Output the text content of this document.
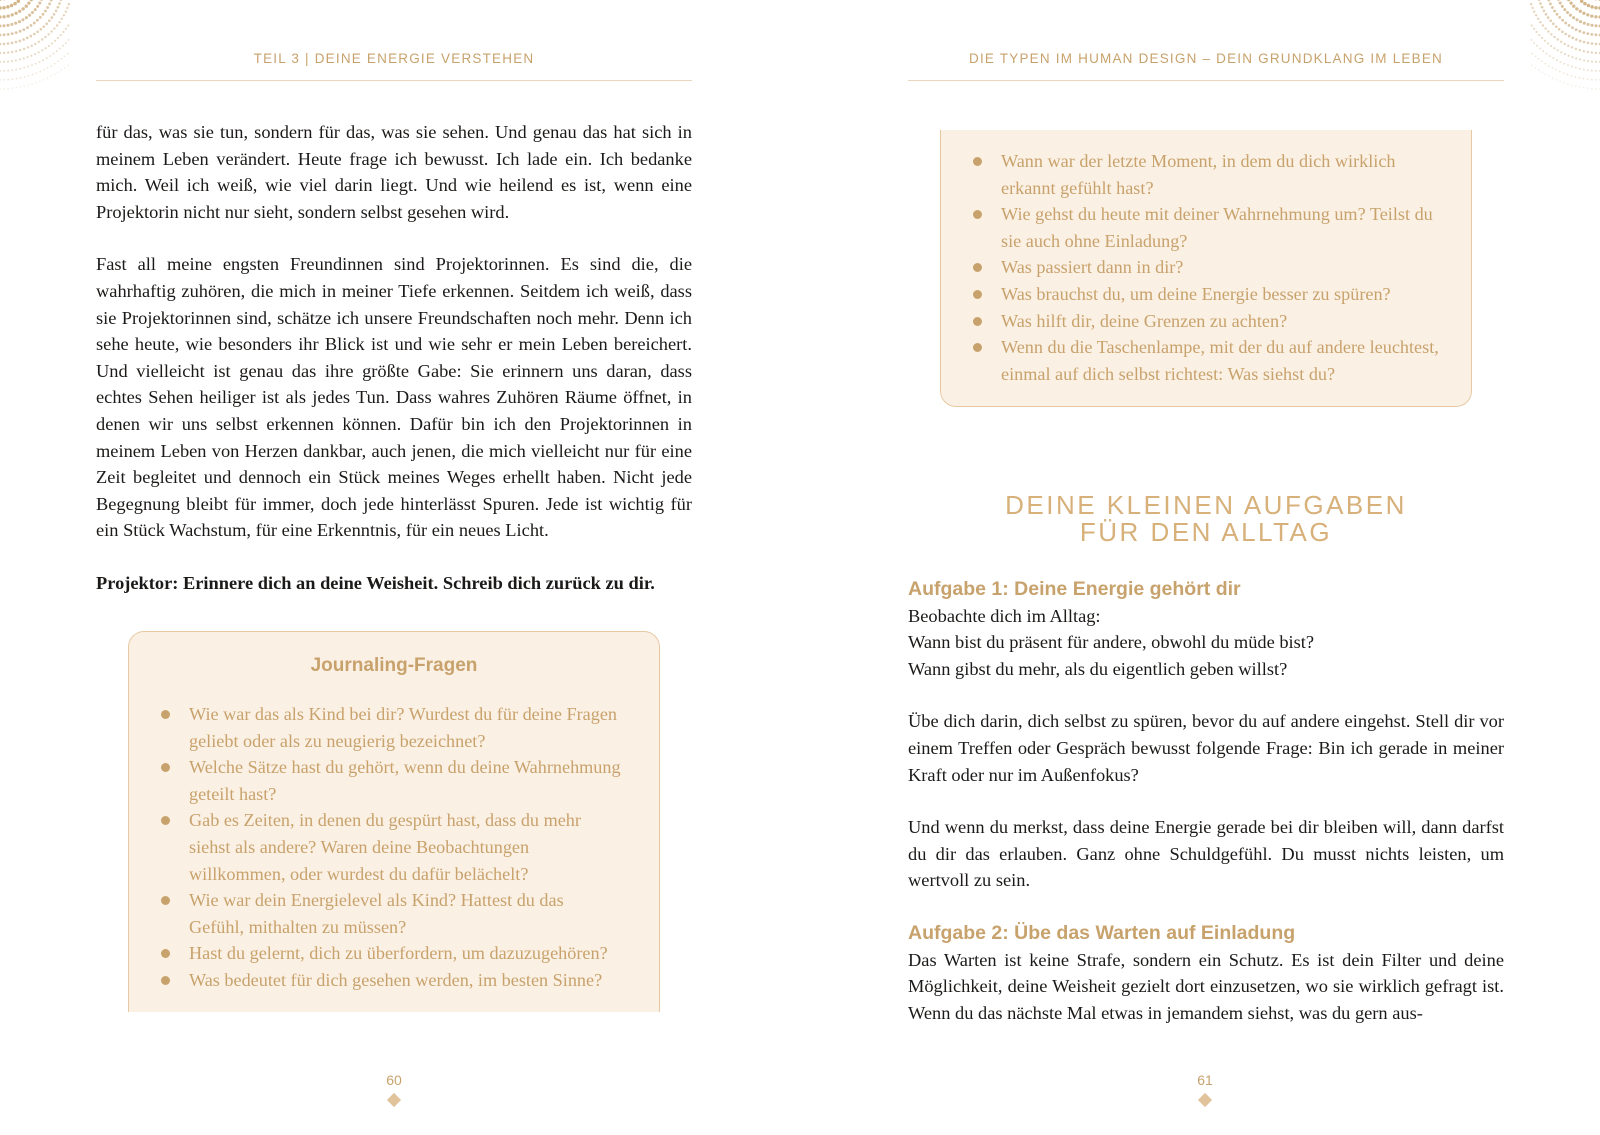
TEIL 3 | DEINE ENERGIE VERSTEHEN

für das, was sie tun, sondern für das, was sie sehen. Und genau das hat sich in meinem Leben verändert. Heute frage ich bewusst. Ich lade ein. Ich bedanke mich. Weil ich weiß, wie viel darin liegt. Und wie heilend es ist, wenn eine Projektorin nicht nur sieht, sondern selbst gesehen wird.

Fast all meine engsten Freundinnen sind Projektorinnen. Es sind die, die wahrhaftig zuhören, die mich in meiner Tiefe erkennen. Seitdem ich weiß, dass sie Projektorinnen sind, schätze ich unsere Freundschaften noch mehr. Denn ich sehe heute, wie besonders ihr Blick ist und wie sehr er mein Leben bereichert. Und vielleicht ist genau das ihre größte Gabe: Sie erinnern uns daran, dass echtes Sehen heiliger ist als jedes Tun. Dass wahres Zuhören Räume öffnet, in denen wir uns selbst erkennen können. Dafür bin ich den Projektorinnen in meinem Leben von Herzen dankbar, auch jenen, die mich vielleicht nur für eine Zeit begleitet und dennoch ein Stück meines Weges erhellt haben. Nicht jede Begegnung bleibt für immer, doch jede hinterlässt Spuren. Jede ist wichtig für ein Stück Wachstum, für eine Erkenntnis, für ein neues Licht.

Projektor: Erinnere dich an deine Weisheit. Schreib dich zurück zu dir.

Journaling-Fragen
Wie war das als Kind bei dir? Wurdest du für deine Fragen geliebt oder als zu neugierig bezeichnet?
Welche Sätze hast du gehört, wenn du deine Wahrnehmung geteilt hast?
Gab es Zeiten, in denen du gespürt hast, dass du mehr siehst als andere? Waren deine Beobachtungen willkommen, oder wurdest du dafür belächelt?
Wie war dein Energielevel als Kind? Hattest du das Gefühl, mithalten zu müssen?
Hast du gelernt, dich zu überfordern, um dazuzugehören?
Was bedeutet für dich gesehen werden, im besten Sinne?
60
DIE TYPEN IM HUMAN DESIGN – DEIN GRUNDKLANG IM LEBEN
Wann war der letzte Moment, in dem du dich wirklich erkannt gefühlt hast?
Wie gehst du heute mit deiner Wahrnehmung um? Teilst du sie auch ohne Einladung?
Was passiert dann in dir?
Was brauchst du, um deine Energie besser zu spüren?
Was hilft dir, deine Grenzen zu achten?
Wenn du die Taschenlampe, mit der du auf andere leuchtest, einmal auf dich selbst richtest: Was siehst du?
DEINE KLEINEN AUFGABEN
FÜR DEN ALLTAG
Aufgabe 1: Deine Energie gehört dir

Beobachte dich im Alltag:

Wann bist du präsent für andere, obwohl du müde bist?

Wann gibst du mehr, als du eigentlich geben willst?

Übe dich darin, dich selbst zu spüren, bevor du auf andere eingehst. Stell dir vor einem Treffen oder Gespräch bewusst folgende Frage: Bin ich gerade in meiner Kraft oder nur im Außenfokus?

Und wenn du merkst, dass deine Energie gerade bei dir bleiben will, dann darfst du dir das erlauben. Ganz ohne Schuldgefühl. Du musst nichts leisten, um wertvoll zu sein.

Aufgabe 2: Übe das Warten auf Einladung

Das Warten ist keine Strafe, sondern ein Schutz. Es ist dein Filter und deine Möglichkeit, deine Weisheit gezielt dort einzusetzen, wo sie wirklich gefragt ist. Wenn du das nächste Mal etwas in jemandem siehst, was du gern aus-

61
